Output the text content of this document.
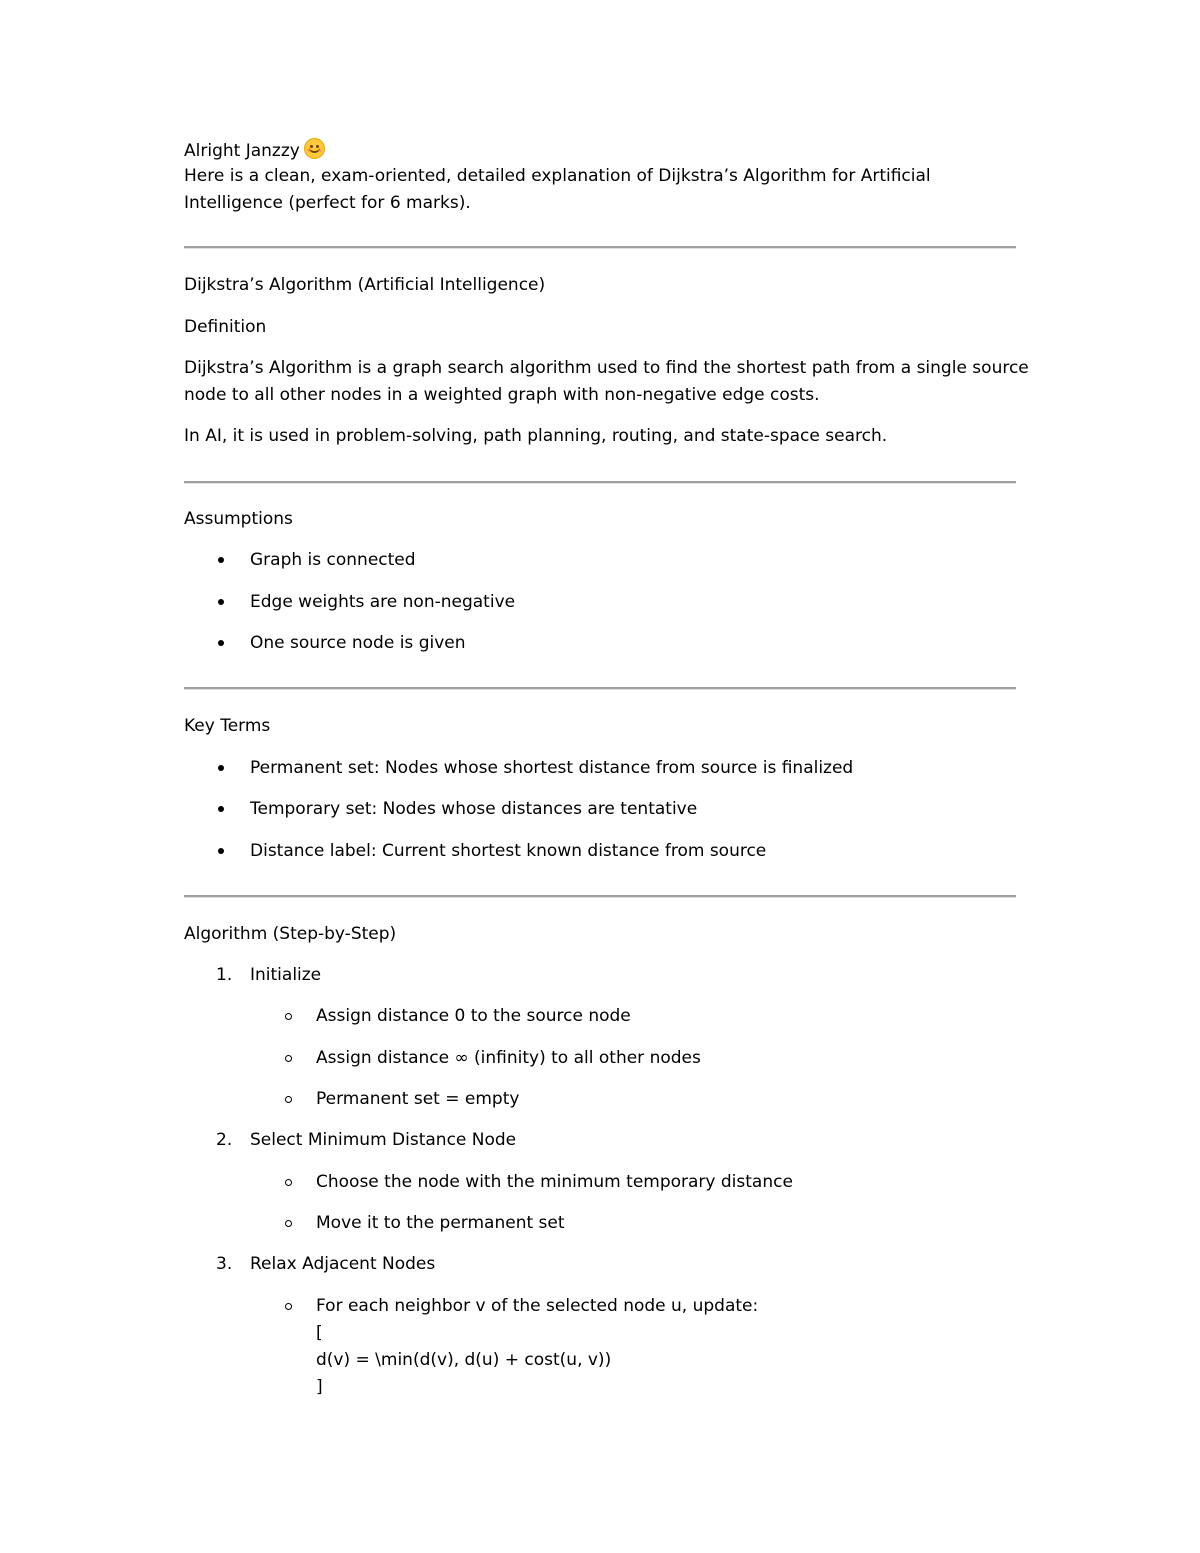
Alright Janzzy
Here is a clean, exam-oriented, detailed explanation of Dijkstra’s Algorithm for Artificial
Intelligence (perfect for 6 marks).
Dijkstra’s Algorithm (Artificial Intelligence)
Definition
Dijkstra’s Algorithm is a graph search algorithm used to find the shortest path from a single source
node to all other nodes in a weighted graph with non-negative edge costs.
In AI, it is used in problem-solving, path planning, routing, and state-space search.
Assumptions
Graph is connected
Edge weights are non-negative
One source node is given
Key Terms
Permanent set: Nodes whose shortest distance from source is finalized
Temporary set: Nodes whose distances are tentative
Distance label: Current shortest known distance from source
Algorithm (Step-by-Step)
1. Initialize
Assign distance 0 to the source node
Assign distance ∞ (infinity) to all other nodes
Permanent set = empty
2. Select Minimum Distance Node
Choose the node with the minimum temporary distance
Move it to the permanent set
3. Relax Adjacent Nodes
For each neighbor v of the selected node u, update:
[
d(v) = \min(d(v), d(u) + cost(u, v))
]
